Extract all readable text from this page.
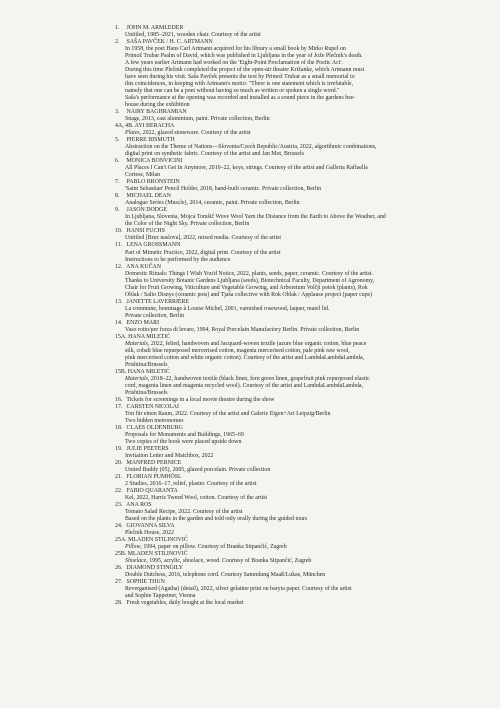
1. JOHN M. ARMLEDER
Untitled, 1985–2021, wooden chair. Courtesy of the artist
2. SAŠA PAVČEK / H. C. ARTMANN
In 1958, the poet Hans Carl Artmann acquired for his library a small book by Mirko Rupel on
Primož Trubar Psalm of David, which was published in Ljubljana in the year of Jože Plečnik's death.
A few years earlier Artmann had worked on the 'Eight-Point Proclamation of the Poetic Act'.
During this time Plečnik completed the project of the open-air theatre Križanke, which Artmann must
have seen during his visit. Saša Pavček presents the text by Primož Trubar as a small memorial to
this coincidences, in keeping with Artmann's motto: "There is one statement which is irrefutable,
namely that one can be a poet without having so much as written or spoken a single word."
Saša's performance at the opening was recorded and installed as a sound piece in the gardens bee-
house during the exhibition
3. NAIRY BAGHRAMIAN
Snags, 2013, cast aluminium, paint. Private collection, Berlin
4A, 4B. AYI BERACHA
Plates, 2022, glazed stoneware. Courtesy of the artist
5. PIERRE BISMUTH
Abstraction on the Theme of Nations—Slovenia/Czech Republic/Austria, 2022, algorithmic combinations,
digital print on synthetic fabric. Courtesy of the artist and Jan Mot, Brussels
6. MONICA BONVICINI
All Places I Can't Get In Anymore, 2010–22, keys, strings. Courtesy of the artist and Galleria Raffaella
Cortese, Milan
7. PABLO BRONSTEIN
'Saint Sebastian' Pencil Holder, 2018, hand-built ceramic. Private collection, Berlin
8. MICHAEL DEAN
Analogue Series (Muscle), 2014, ceramic, paint. Private collection, Berlin
9. JASON DODGE
In Ljubljana, Slovenia, Mojca Tomšič Wove Wool Yarn the Distance from the Earth to Above the Weather, and
the Color of the Night Sky. Private collection, Berlin
10. HANSI FUCHS
Untitled [Brez naslova], 2022, mixed media. Courtesy of the artist
11. LENA GROSSMANN
Part of Mimetic Practice, 2022, digital print. Courtesy of the artist
Instructions to be performed by the audience
12. ANA KUČAN
Domestic Rituals: Things I Wish You'd Notice, 2022, plants, seeds, paper, ceramic. Courtesy of the artist.
Thanks to University Botanic Gardens Ljubljana (seeds), Biotechnical Faculty, Department of Agronomy,
Chair for Fruit Growing, Viticulture and Vegetable Growing, and Arboretum Volčji potok (plants), Rok
Oblak / Salto Disnys (ceramic pots) and Tjaša collective with Rok Oblak / Applause project (paper cups)
13. JANETTE LAVERRIÈRE
La commune, hommage à Louise Michel, 2001, varnished rosewood, laquer, matel lid.
Private collection, Berlin
14. ENZO MARI
Vaso rotto/per forza di levare, 1994, Royal Porcelain Manufactory Berlin. Private collection, Berlin
15A. HANA MILETIĆ
Materials, 2022, felted, handwoven and Jacquard-woven textile (azure blue organic cotton, blue peace
silk, cobalt blue repurposed mercerised cotton, magenta mercerised cotton, pale pink raw wool,
pink mercerised cotton and white organic cotton). Courtesy of the artist and LambdaLambdaLambda,
Prishtina/Brussels
15B. HANA MILETIĆ
Materials, 2018–22, handwoven textile (black linen, fern green linen, grapefruit pink repurposed elastic
cord, magenta linen and magenta recycled wool). Courtesy of the artist and LambdaLambdaLambda,
Prishtina/Brussels
16. Tickets for screenings in a local movie theatre during the show
17. CARSTEN NICOLAI
Ton für einen Raum, 2022. Courtesy of the artist and Galerie Eigen+Art Leipzig/Berlin
Two hidden metronomes
18. CLAES OLDENBURG
Proposals for Monuments and Buildings, 1965–69
Two copies of the book were placed upside down
19. JULIE PEETERS
Invitation Letter and Matchbox, 2022
20. MANFRED PERNICE
United Buddy (05), 2005, glazed porcelain. Private collection
21. FLORIAN PUMHÖSL
2 Studies, 2016–17, relief, plaster. Courtesy of the artist
22. FABIO QUARANTA
Kel, 2022, Harris Tweed Wool, cotton. Courtesy of the artist
23. ANA ROS
Tomato Salad Recipe, 2022. Courtesy of the artist
Based on the plants in the garden and told only orally during the guided tours
24. GIOVANNA SILVA
Plečnik House, 2022
25A. MLADEN STILINOVIĆ
Pillow, 1994, paper on pillow. Courtesy of Branka Stipančić, Zagreb
25B. MLADEN STILINOVIĆ
Shoelace, 1995, acrylic, shoelace, wood. Courtesy of Branka Stipančić, Zagreb
26. DIAMOND STINGILY
Double Dutchess, 2016, telephone cord. Courtesy Sammlung Maaß/Lukas, München
27. SOPHIE THUN
Reverganised (Agatha) (detail), 2022, silver gelatine print on baryta paper. Courtesy of the artist
and Sophie Tappeiner, Vienna
28. Fresh vegetables, daily bought at the local market
